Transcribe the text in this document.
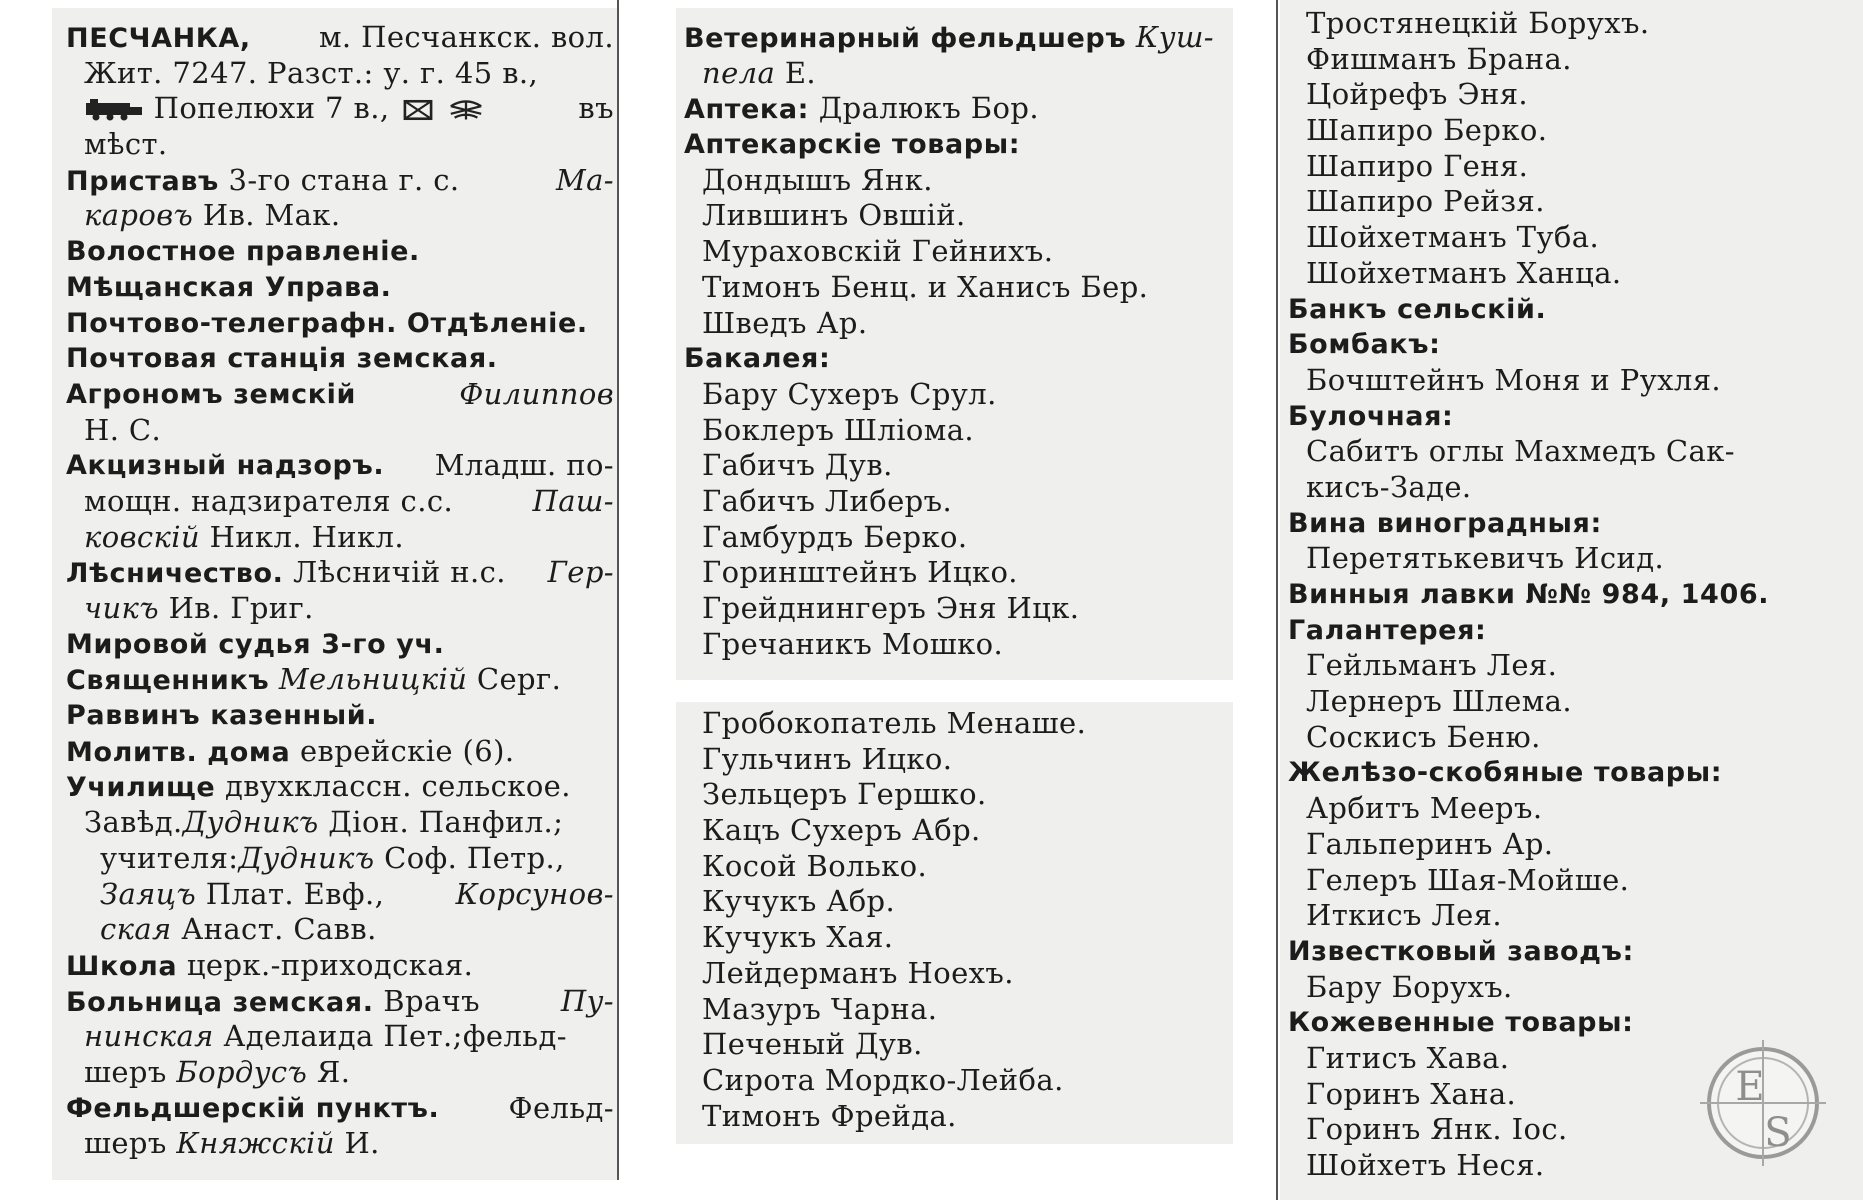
ПЕСЧАНКА, м. Песчанкск. вол.
Жит. 7247. Разст.: у. г. 45 в.,
Попелюхи 7 в.,	въ
мѣст.
Приставъ 3-го стана г. с.	Ма-
каровъ Ив. Мак.
Волостное правленіе.
Мѣщанская Управа.
Почтово-телеграфн. Отдѣленіе.
Почтовая станція земская.
Агрономъ земскій	Филиппов
Н. С.
Акцизный надзоръ. Младш. по-
мощн. надзирателя с.с.	Паш-
ковскій Никл. Никл.
Лѣсничество. Лѣсничій н.с. Гер-
чикъ Ив. Григ.
Мировой судья 3-го уч.
Священникъ Мельницкій Серг.
Раввинъ казенный.
Молитв. дома еврейскіе (6).
Училище двухклассн. сельское.
Завѣд.Дудникъ Діон. Панфил.;
учителя:Дудникъ Соф. Петр.,
Заяцъ Плат. Евф., Корсунов-
ская Анаст. Савв.
Школа церк.-приходская.
Больница земская. Врачъ	Пу-
нинская Аделаида Пет.;фельд-
шеръ Бордусъ Я.
Фельдшерскій пунктъ. Фельд-
шеръ Княжскій И.
Ветеринарный фельдшеръ Куш-
пела Е.
Аптека: Дралюкъ Бор.
Аптекарскіе товары:
Дондышъ Янк.
Лившинъ Овшій.
Мураховскій Гейнихъ.
Тимонъ Бенц. и Ханисъ Бер.
Шведъ Ар.
Бакалея:
Бару Сухеръ Срул.
Боклеръ Шлiома.
Габичъ Дув.
Габичъ Либеръ.
Гамбурдъ Берко.
Горинштейнъ Ицко.
Грейднингеръ Эня Ицк.
Гречаникъ Мошко.
Гробокопатель Менаше.
Гульчинъ Ицко.
Зельцеръ Гершко.
Кацъ Сухеръ Абр.
Косой Волько.
Кучукъ Абр.
Кучукъ Хая.
Лейдерманъ Ноехъ.
Мазуръ Чарна.
Печеный Дув.
Сирота Мордко-Лейба.
Тимонъ Фрейда.
Тростянецкій Борухъ.
Фишманъ Брана.
Цойрефъ Эня.
Шапиро Берко.
Шапиро Геня.
Шапиро Рейзя.
Шойхетманъ Туба.
Шойхетманъ Ханца.
Банкъ сельскій.
Бомбакъ:
Бочштейнъ Моня и Рухля.
Булочная:
Сабитъ оглы Махмедъ Сак-
кисъ-Заде.
Вина виноградныя:
Перетятькевичъ Исид.
Винныя лавки №№ 984, 1406.
Галантерея:
Гейльманъ Лея.
Лернеръ Шлема.
Соскисъ Беню.
Желѣзо-скобяные товары:
Арбитъ Мееръ.
Гальперинъ Ар.
Гелеръ Шая-Мойше.
Иткисъ Лея.
Известковый заводъ:
Бару Борухъ.
Кожевенные товары:
Гитисъ Хава.
Горинъ Хана.
Горинъ Янк. Іос.
Шойхетъ Неся.
E
S
